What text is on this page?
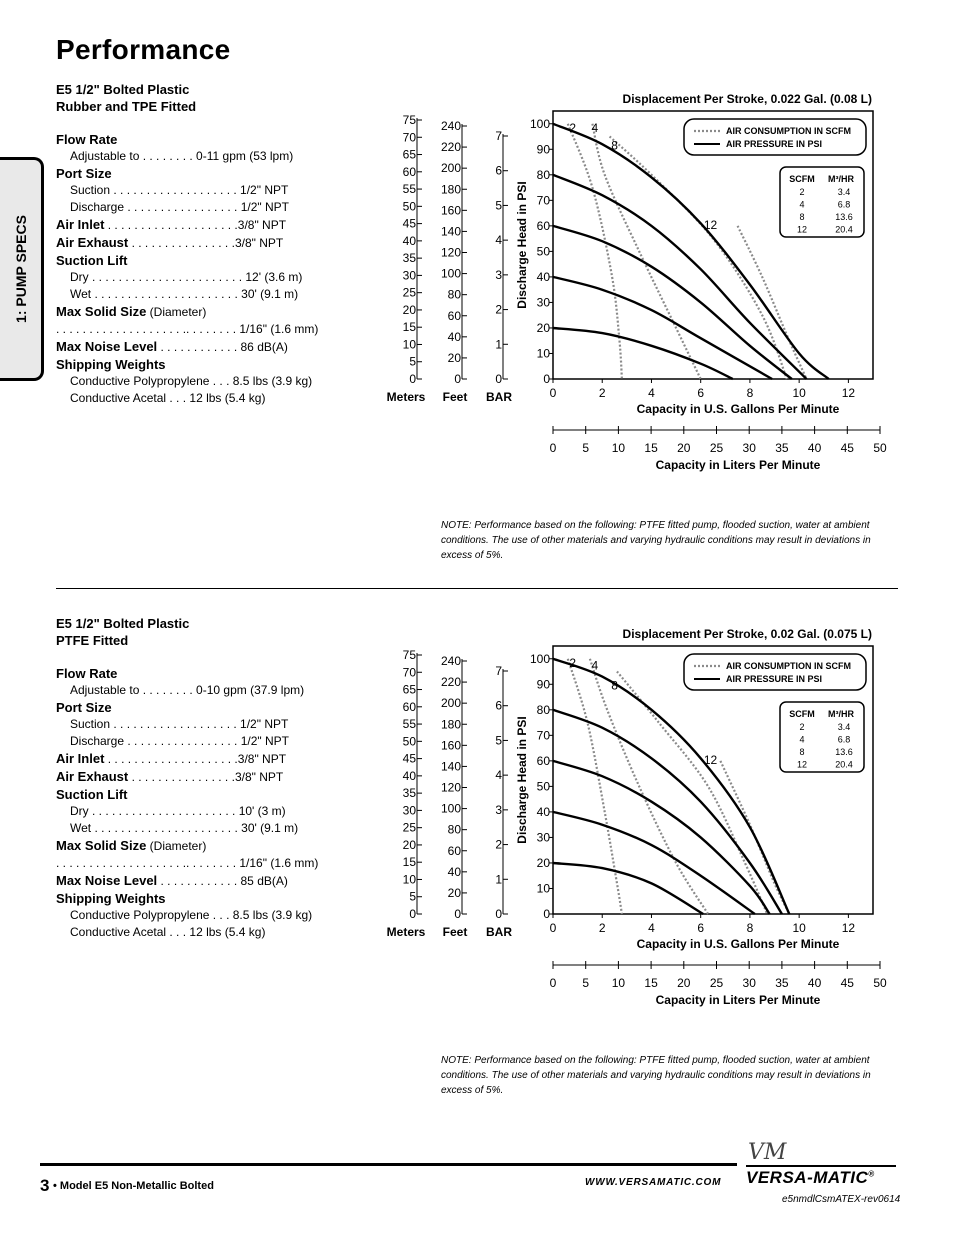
Performance
1: PUMP SPECS
E5 1/2" Bolted Plastic
Rubber and TPE Fitted
Flow Rate
Adjustable to . . . . . . . . 0-11 gpm (53 lpm)
Port Size
Suction . . . . . . . . . . . . . . . . . . . 1/2" NPT
Discharge . . . . . . . . . . . . . . . . . 1/2" NPT
Air Inlet . . . . . . . . . . . . . . . . . . . .3/8" NPT
Air Exhaust . . . . . . . . . . . . . . . .3/8" NPT
Suction Lift
Dry . . . . . . . . . . . . . . . . . . . . . . . 12' (3.6 m)
Wet . . . . . . . . . . . . . . . . . . . . . . 30' (9.1 m)
Max Solid Size (Diameter)
. . . . . . . . . . . . . . . . . . . .. . . . . . . . 1/16" (1.6 mm)
Max Noise Level . . . . . . . . . . . . 86 dB(A)
Shipping Weights
Conductive Polypropylene . . . 8.5 lbs (3.9 kg)
Conductive Acetal . . . 12 lbs (5.4 kg)
E5 1/2" Bolted Plastic
PTFE Fitted
Flow Rate
Adjustable to . . . . . . . . 0-10 gpm (37.9 lpm)
Port Size
Suction . . . . . . . . . . . . . . . . . . . 1/2" NPT
Discharge . . . . . . . . . . . . . . . . . 1/2" NPT
Air Inlet . . . . . . . . . . . . . . . . . . . .3/8" NPT
Air Exhaust . . . . . . . . . . . . . . . .3/8" NPT
Suction Lift
Dry . . . . . . . . . . . . . . . . . . . . . . 10' (3 m)
Wet . . . . . . . . . . . . . . . . . . . . . . 30' (9.1 m)
Max Solid Size (Diameter)
. . . . . . . . . . . . . . . . . . . .. . . . . . . . 1/16" (1.6 mm)
Max Noise Level . . . . . . . . . . . . 85 dB(A)
Shipping Weights
Conductive Polypropylene . . . 8.5 lbs (3.9 kg)
Conductive Acetal . . . 12 lbs (5.4 kg)
Displacement Per Stroke, 0.022 Gal. (0.08 L)
100
90
80
70
60
50
40
30
20
10
0
Discharge Head in PSI
0	2	4	6	8	10	12
Capacity in U.S. Gallons Per Minute
0 5 10 15 20 25 30 35 40 45 50
Capacity in Liters Per Minute
75
70
65
60
55
50
45
40
35
30
25
20
15
10
5
0
Meters
240
220
200
180
160
140
120
100
80
60
40
20
0
Feet
7
6
5
4
3
2
1
0
BAR
2 4
8
12
AIR CONSUMPTION IN SCFM
AIR PRESSURE IN PSI
SCFM M³/HR
2	3.4
4	6.8
8	13.6
12	20.4
Displacement Per Stroke, 0.02 Gal. (0.075 L)
100
90
80
70
60
50
40
30
20
10
0
Discharge Head in PSI
0	2	4	6	8	10	12
Capacity in U.S. Gallons Per Minute
0 5 10 15 20 25 30 35 40 45 50
Capacity in Liters Per Minute
75
70
65
60
55
50
45
40
35
30
25
20
15
10
5
0
Meters
240
220
200
180
160
140
120
100
80
60
40
20
0
Feet
7
6
5
4
3
2
1
0
BAR
2 4
8
12
AIR CONSUMPTION IN SCFM
AIR PRESSURE IN PSI
SCFM M³/HR
2	3.4
4	6.8
8	13.6
12	20.4
NOTE: Performance based on the following: PTFE fitted pump, flooded suction, water at ambient conditions. The use of other materials and varying hydraulic conditions may result in deviations in excess of 5%.
NOTE: Performance based on the following: PTFE fitted pump, flooded suction, water at ambient conditions. The use of other materials and varying hydraulic conditions may result in deviations in excess of 5%.
3 • Model E5 Non-Metallic Bolted	WWW.VERSAMATIC.COM
VM
VERSA-MATIC®
e5nmdlCsmATEX-rev0614
